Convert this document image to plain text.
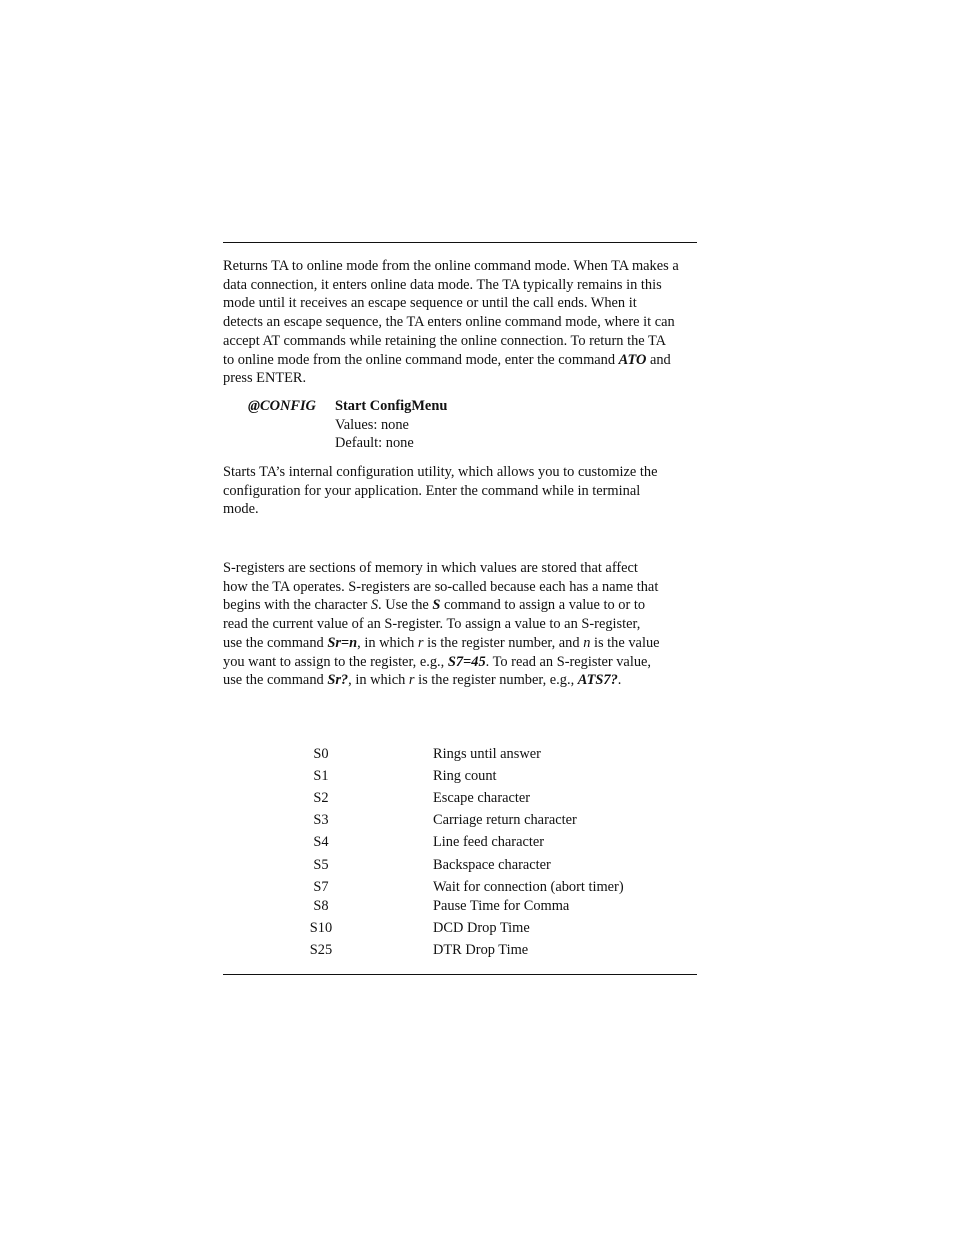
Returns TA to online mode from the online command mode. When TA makes a
data connection, it enters online data mode. The TA typically remains in this
mode until it receives an escape sequence or until the call ends. When it
detects an escape sequence, the TA enters online command mode, where it can
accept AT commands while retaining the online connection. To return the TA
to online mode from the online command mode, enter the command ATO and
press ENTER.
@CONFIG Start ConfigMenu
Values: none
Default: none
Starts TA’s internal configuration utility, which allows you to customize the
configuration for your application. Enter the command while in terminal
mode.
S-registers are sections of memory in which values are stored that affect
how the TA operates. S-registers are so-called because each has a name that
begins with the character S. Use the S command to assign a value to or to
read the current value of an S-register. To assign a value to an S-register,
use the command Sr=n, in which r is the register number, and n is the value
you want to assign to the register, e.g., S7=45. To read an S-register value,
use the command Sr?, in which r is the register number, e.g., ATS7?.
S0	Rings until answer
S1	Ring count
S2	Escape character
S3	Carriage return character
S4	Line feed character
S5	Backspace character
S7	Wait for connection (abort timer)
S8	Pause Time for Comma
S10	DCD Drop Time
S25	DTR Drop Time
